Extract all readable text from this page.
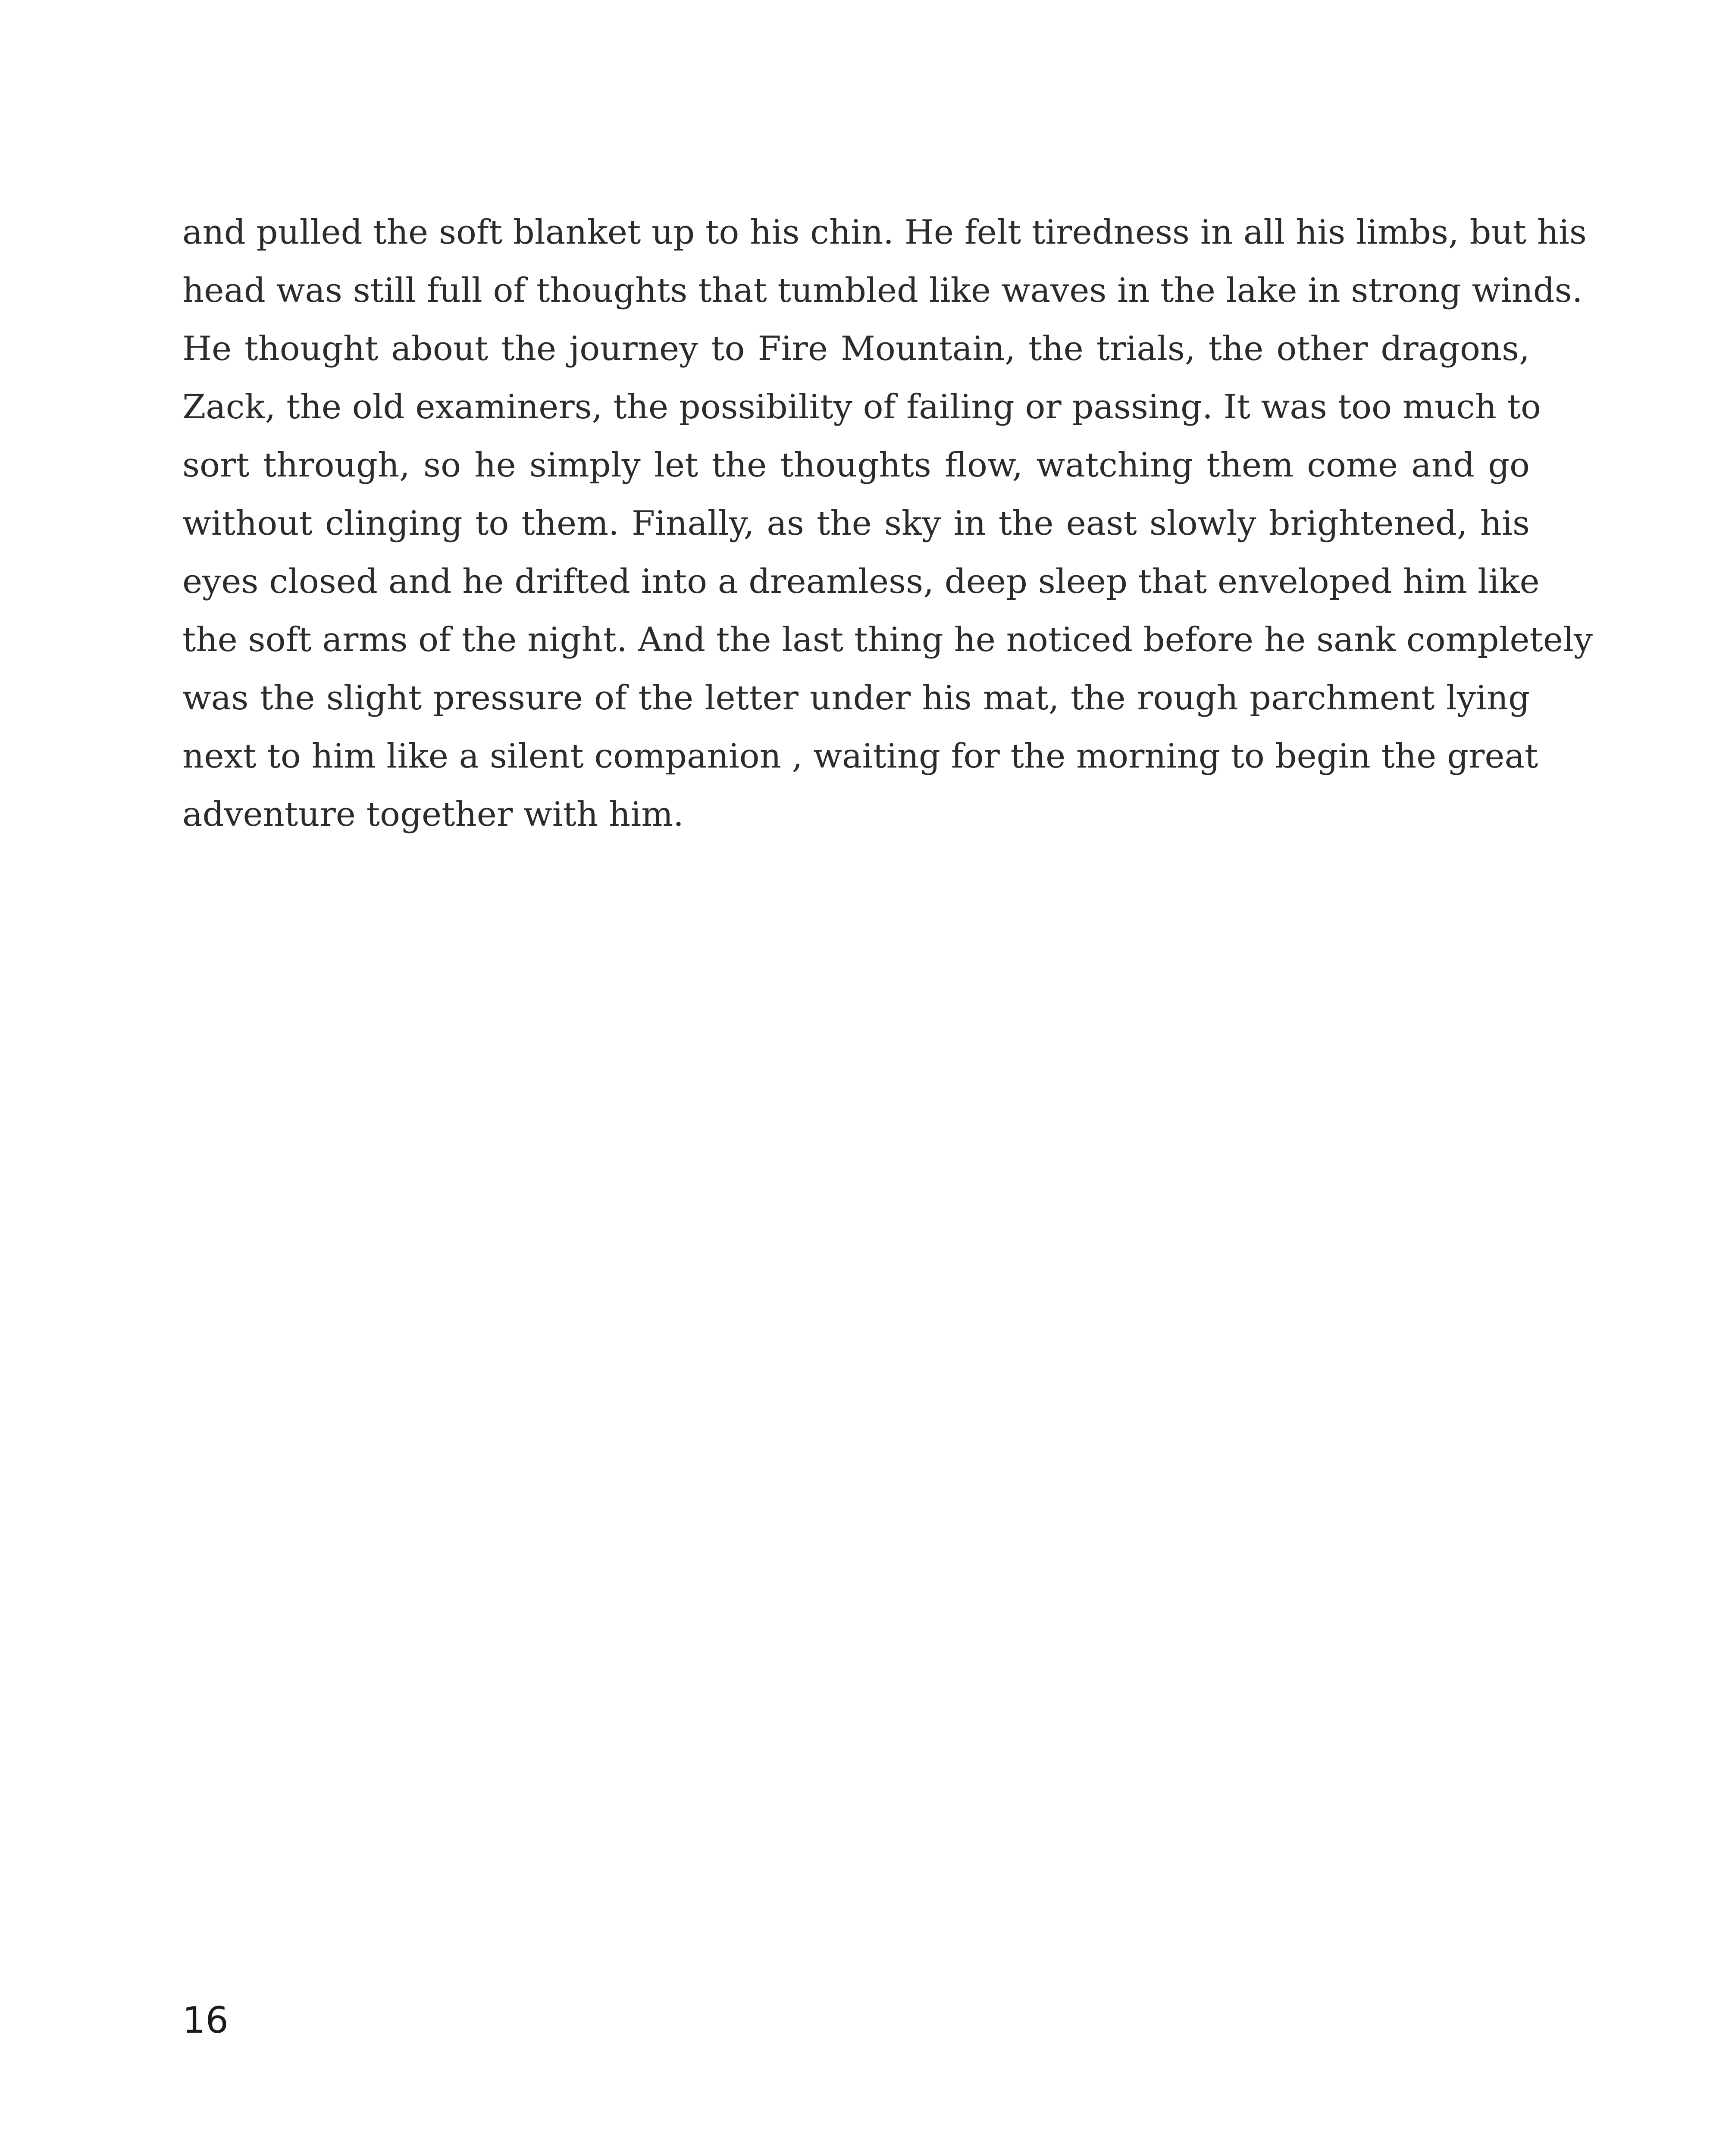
and pulled the soft blanket up to his chin. He felt tiredness in all his limbs, but his
head was still full of thoughts that tumbled like waves in the lake in strong winds.
He thought about the journey to Fire Mountain, the trials, the other dragons,
Zack, the old examiners, the possibility of failing or passing. It was too much to
sort through, so he simply let the thoughts flow, watching them come and go
without clinging to them. Finally, as the sky in the east slowly brightened, his
eyes closed and he drifted into a dreamless, deep sleep that enveloped him like
the soft arms of the night. And the last thing he noticed before he sank completely
was the slight pressure of the letter under his mat, the rough parchment lying
next to him like a silent companion , waiting for the morning to begin the great
adventure together with him.
16
